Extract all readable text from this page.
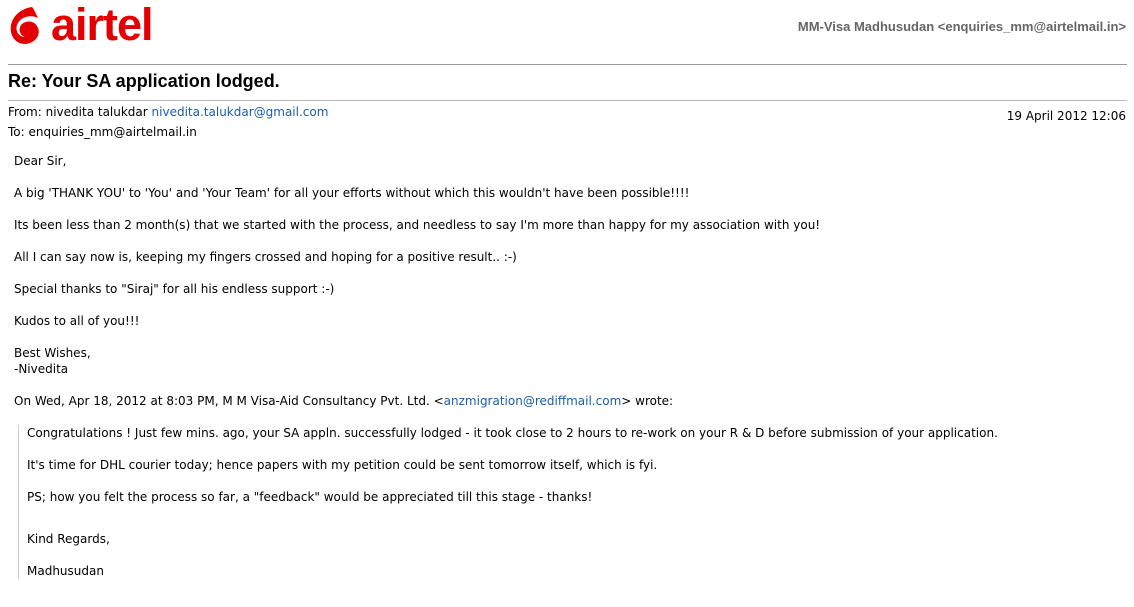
airtel	MM-Visa Madhusudan <enquiries_mm@airtelmail.in>
Re: Your SA application lodged.
From: nivedita talukdar nivedita.talukdar@gmail.com
To: enquiries_mm@airtelmail.in
19 April 2012 12:06

Dear Sir,

A big 'THANK YOU' to 'You' and 'Your Team' for all your efforts without which this wouldn't have been possible!!!!

Its been less than 2 month(s) that we started with the process, and needless to say I'm more than happy for my association with you!

All I can say now is, keeping my fingers crossed and hoping for a positive result.. :-)

Special thanks to "Siraj" for all his endless support :-)

Kudos to all of you!!!

Best Wishes,

-Nivedita

On Wed, Apr 18, 2012 at 8:03 PM, M M Visa-Aid Consultancy Pvt. Ltd. <anzmigration@rediffmail.com> wrote:

Congratulations ! Just few mins. ago, your SA appln. successfully lodged - it took close to 2 hours to re-work on your R & D before submission of your application.

It's time for DHL courier today; hence papers with my petition could be sent tomorrow itself, which is fyi.

PS; how you felt the process so far, a "feedback" would be appreciated till this stage - thanks!

Kind Regards,

Madhusudan
